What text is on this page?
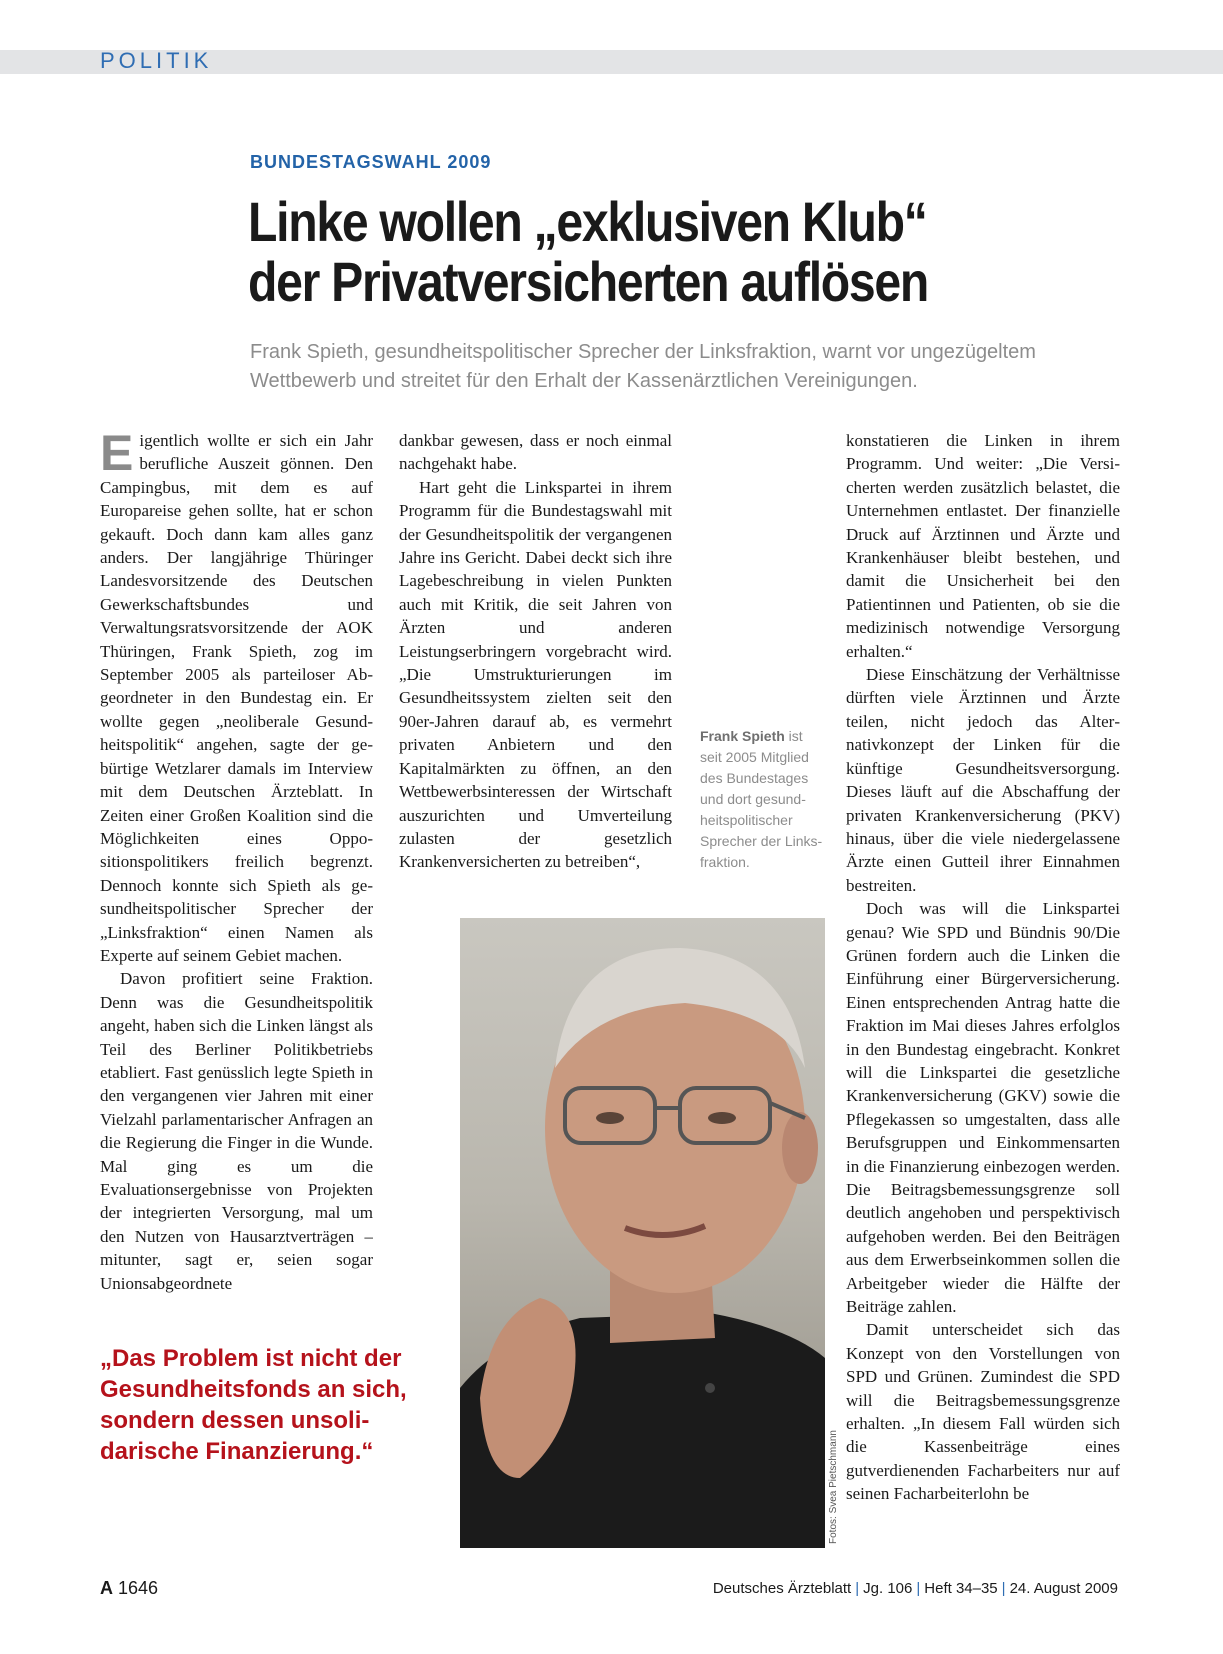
POLITIK
BUNDESTAGSWAHL 2009
Linke wollen „exklusiven Klub“
der Privatversicherten auflösen
Frank Spieth, gesundheitspolitischer Sprecher der Linksfraktion, warnt vor ungezügeltem Wettbewerb und streitet für den Erhalt der Kassenärztlichen Vereinigungen.

Eigentlich wollte er sich ein Jahr berufliche Auszeit gönnen. Den Campingbus, mit dem es auf Europareise gehen sollte, hat er schon gekauft. Doch dann kam alles ganz anders. Der langjährige Thüringer Landesvorsitzende des Deutschen Gewerkschaftsbundes und Verwaltungsratsvorsitzende der AOK Thüringen, Frank Spieth, zog im September 2005 als parteiloser Abgeordneter in den Bundestag ein. Er wollte gegen „neoliberale Gesundheitspolitik“ angehen, sagte der gebürtige Wetzlarer damals im Interview mit dem Deutschen Ärzteblatt. In Zeiten einer Großen Koalition sind die Möglichkeiten eines Oppositionspolitikers freilich begrenzt. Dennoch konnte sich Spieth als gesundheitspolitischer Sprecher der „Linksfraktion“ einen Namen als Experte auf seinem Gebiet machen.

Davon profitiert seine Fraktion. Denn was die Gesundheitspolitik angeht, haben sich die Linken längst als Teil des Berliner Politikbetriebs etabliert. Fast genüsslich legte Spieth in den vergangenen vier Jahren mit einer Vielzahl parlamentarischer Anfragen an die Regierung die Finger in die Wunde. Mal ging es um die Evaluationsergebnisse von Projekten der integrierten Versorgung, mal um den Nutzen von Hausarztverträgen – mitunter, sagt er, seien sogar Unionsabgeordnete

dankbar gewesen, dass er noch einmal nachgehakt habe.

Hart geht die Linkspartei in ihrem Programm für die Bundestagswahl mit der Gesundheitspolitik der vergangenen Jahre ins Gericht. Dabei deckt sich ihre Lagebeschreibung in vielen Punkten auch mit Kritik, die seit Jahren von Ärzten und anderen Leistungserbringern vorgebracht wird. „Die Umstrukturierungen im Gesundheitssystem zielten seit den 90er-Jahren darauf ab, es vermehrt privaten Anbietern und den Kapitalmärkten zu öffnen, an den Wettbewerbsinteressen der Wirtschaft auszurichten und Umverteilung zulasten der gesetzlich Krankenversicherten zu betreiben“,

Frank Spieth ist seit 2005 Mitglied des Bundestages und dort gesundheitspolitischer Sprecher der Linksfraktion.

konstatieren die Linken in ihrem Programm. Und weiter: „Die Versicherten werden zusätzlich belastet, die Unternehmen entlastet. Der finanzielle Druck auf Ärztinnen und Ärzte und Krankenhäuser bleibt bestehen, und damit die Unsicherheit bei den Patientinnen und Patienten, ob sie die medizinisch notwendige Versorgung erhalten.“

Diese Einschätzung der Verhältnisse dürften viele Ärztinnen und Ärzte teilen, nicht jedoch das Alternativkonzept der Linken für die künftige Gesundheitsversorgung. Dieses läuft auf die Abschaffung der privaten Krankenversicherung (PKV) hinaus, über die viele niedergelassene Ärzte einen Gutteil ihrer Einnahmen bestreiten.

Doch was will die Linkspartei genau? Wie SPD und Bündnis 90/Die Grünen fordern auch die Linken die Einführung einer Bürgerversicherung. Einen entsprechenden Antrag hatte die Fraktion im Mai dieses Jahres erfolglos in den Bundestag eingebracht. Konkret will die Linkspartei die gesetzliche Krankenversicherung (GKV) sowie die Pflegekassen so umgestalten, dass alle Berufsgruppen und Einkommensarten in die Finanzierung einbezogen werden. Die Beitragsbemessungsgrenze soll deutlich angehoben und perspektivisch aufgehoben werden. Bei den Beiträgen aus dem Erwerbseinkommen sollen die Arbeitgeber wieder die Hälfte der Beiträge zahlen.

Damit unterscheidet sich das Konzept von den Vorstellungen von SPD und Grünen. Zumindest die SPD will die Beitragsbemessungsgrenze erhalten. „In diesem Fall würden sich die Kassenbeiträge eines gutverdienenden Facharbeiters nur auf seinen Facharbeiterlohn be

„Das Problem ist nicht der Gesundheitsfonds an sich, sondern dessen unsolidarische Finanzierung.“	Fotos: Svea Pietschmann
A 1646	Deutsches Ärzteblatt | Jg. 106 | Heft 34–35 | 24. August 2009
